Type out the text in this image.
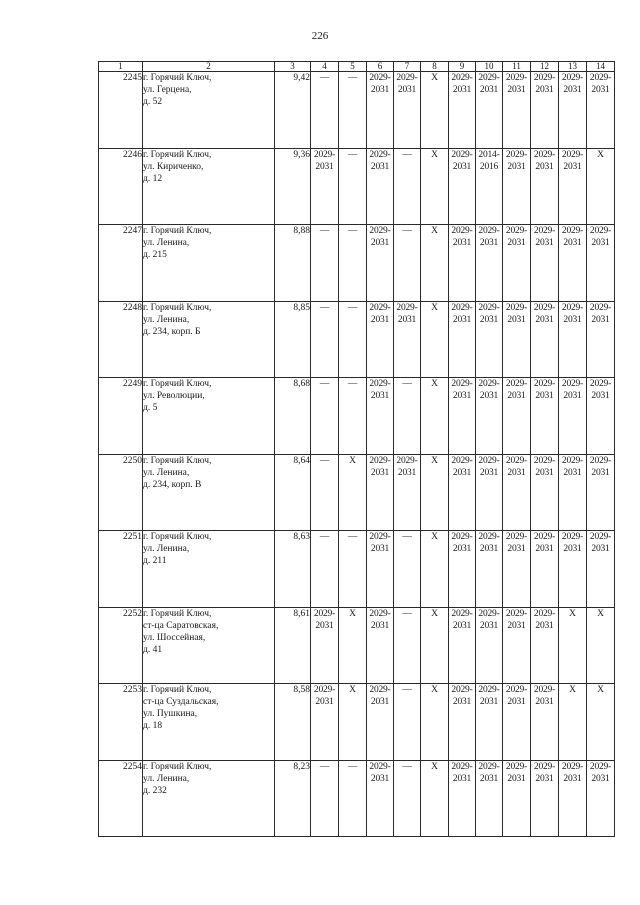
226
1	2	3	4	5	6	7	8	9	10	11	12	13	14
2245	г. Горячий Ключ,
ул. Герцена,
д. 52	9,42	—	—	2029-
2031	2029-
2031	X	2029-
2031	2029-
2031	2029-
2031	2029-
2031	2029-
2031	2029-
2031

2246	г. Горячий Ключ,
ул. Кириченко,
д. 12	9,36	2029-
2031	—	2029-
2031	—	X	2029-
2031	2014-
2016	2029-
2031	2029-
2031	2029-
2031	X

2247	г. Горячий Ключ,
ул. Ленина,
д. 215	8,88	—	—	2029-
2031	—	X	2029-
2031	2029-
2031	2029-
2031	2029-
2031	2029-
2031	2029-
2031

2248	г. Горячий Ключ,
ул. Ленина,
д. 234, корп. Б	8,85	—	—	2029-
2031	2029-
2031	X	2029-
2031	2029-
2031	2029-
2031	2029-
2031	2029-
2031	2029-
2031

2249	г. Горячий Ключ,
ул. Революции,
д. 5	8,68	—	—	2029-
2031	—	X	2029-
2031	2029-
2031	2029-
2031	2029-
2031	2029-
2031	2029-
2031

2250	г. Горячий Ключ,
ул. Ленина,
д. 234, корп. В	8,64	—	X	2029-
2031	2029-
2031	X	2029-
2031	2029-
2031	2029-
2031	2029-
2031	2029-
2031	2029-
2031

2251	г. Горячий Ключ,
ул. Ленина,
д. 211	8,63	—	—	2029-
2031	—	X	2029-
2031	2029-
2031	2029-
2031	2029-
2031	2029-
2031	2029-
2031

2252	г. Горячий Ключ,
ст-ца Саратовская,
ул. Шоссейная,
д. 41	8,61	2029-
2031	X	2029-
2031	—	X	2029-
2031	2029-
2031	2029-
2031	2029-
2031	X	X

2253	г. Горячий Ключ,
ст-ца Суздальская,
ул. Пушкина,
д. 18	8,58	2029-
2031	X	2029-
2031	—	X	2029-
2031	2029-
2031	2029-
2031	2029-
2031	X	X

2254	г. Горячий Ключ,
ул. Ленина,
д. 232	8,23	—	—	2029-
2031	—	X	2029-
2031	2029-
2031	2029-
2031	2029-
2031	2029-
2031	2029-
2031
